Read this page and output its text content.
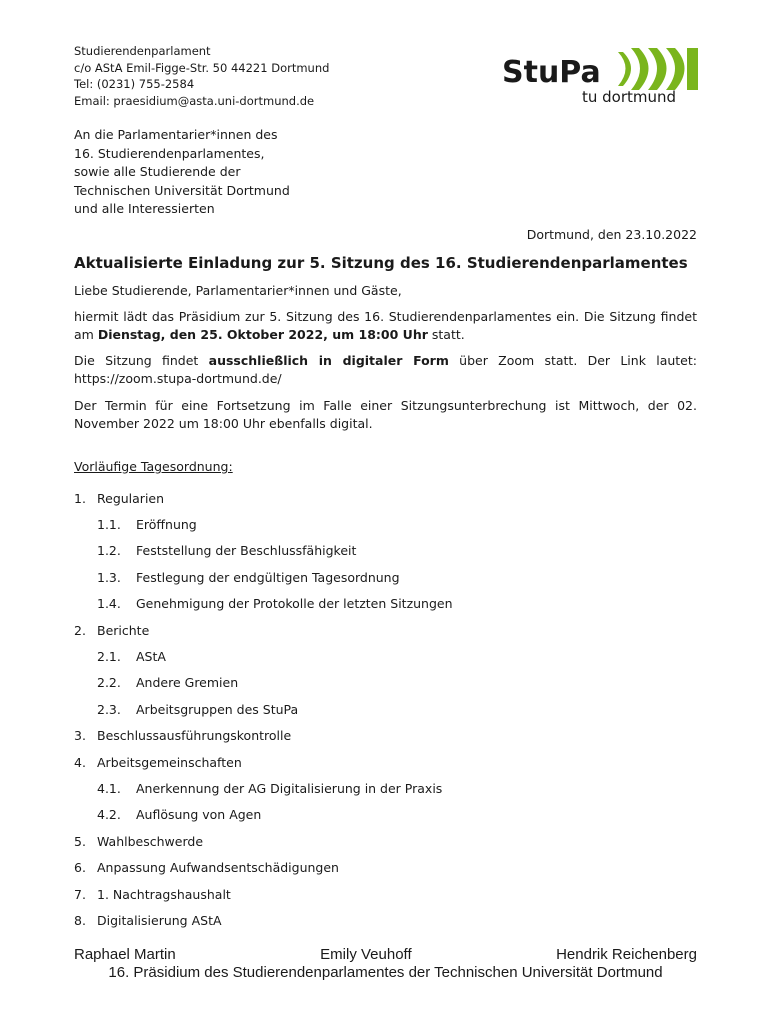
Studierendenparlament
c/o AStA Emil-Figge-Str. 50 44221 Dortmund
Tel: (0231) 755-2584
Email: praesidium@asta.uni-dortmund.de
StuPa
tu dortmund
An die Parlamentarier*innen des
16. Studierendenparlamentes,
sowie alle Studierende der
Technischen Universität Dortmund
und alle Interessierten
Dortmund, den 23.10.2022
Aktualisierte Einladung zur 5. Sitzung des 16. Studierendenparlamentes
Liebe Studierende, Parlamentarier*innen und Gäste,
hiermit lädt das Präsidium zur 5. Sitzung des 16. Studierendenparlamentes ein. Die Sitzung findet am Dienstag, den 25. Oktober 2022, um 18:00 Uhr statt.
Die Sitzung findet ausschließlich in digitaler Form über Zoom statt. Der Link lautet: https://zoom.stupa-dortmund.de/
Der Termin für eine Fortsetzung im Falle einer Sitzungsunterbrechung ist Mittwoch, der 02. November 2022 um 18:00 Uhr ebenfalls digital.
Vorläufige Tagesordnung:
1. Regularien
1.1.	Eröffnung
1.2.	Feststellung der Beschlussfähigkeit
1.3.	Festlegung der endgültigen Tagesordnung
1.4.	Genehmigung der Protokolle der letzten Sitzungen
2. Berichte
2.1.	AStA
2.2.	Andere Gremien
2.3.	Arbeitsgruppen des StuPa
3. Beschlussausführungskontrolle
4. Arbeitsgemeinschaften
4.1.	Anerkennung der AG Digitalisierung in der Praxis
4.2.	Auflösung von Agen
5. Wahlbeschwerde
6. Anpassung Aufwandsentschädigungen
7. 1. Nachtragshaushalt
8. Digitalisierung AStA
Raphael Martin	Emily Veuhoff	Hendrik Reichenberg
16. Präsidium des Studierendenparlamentes der Technischen Universität Dortmund
